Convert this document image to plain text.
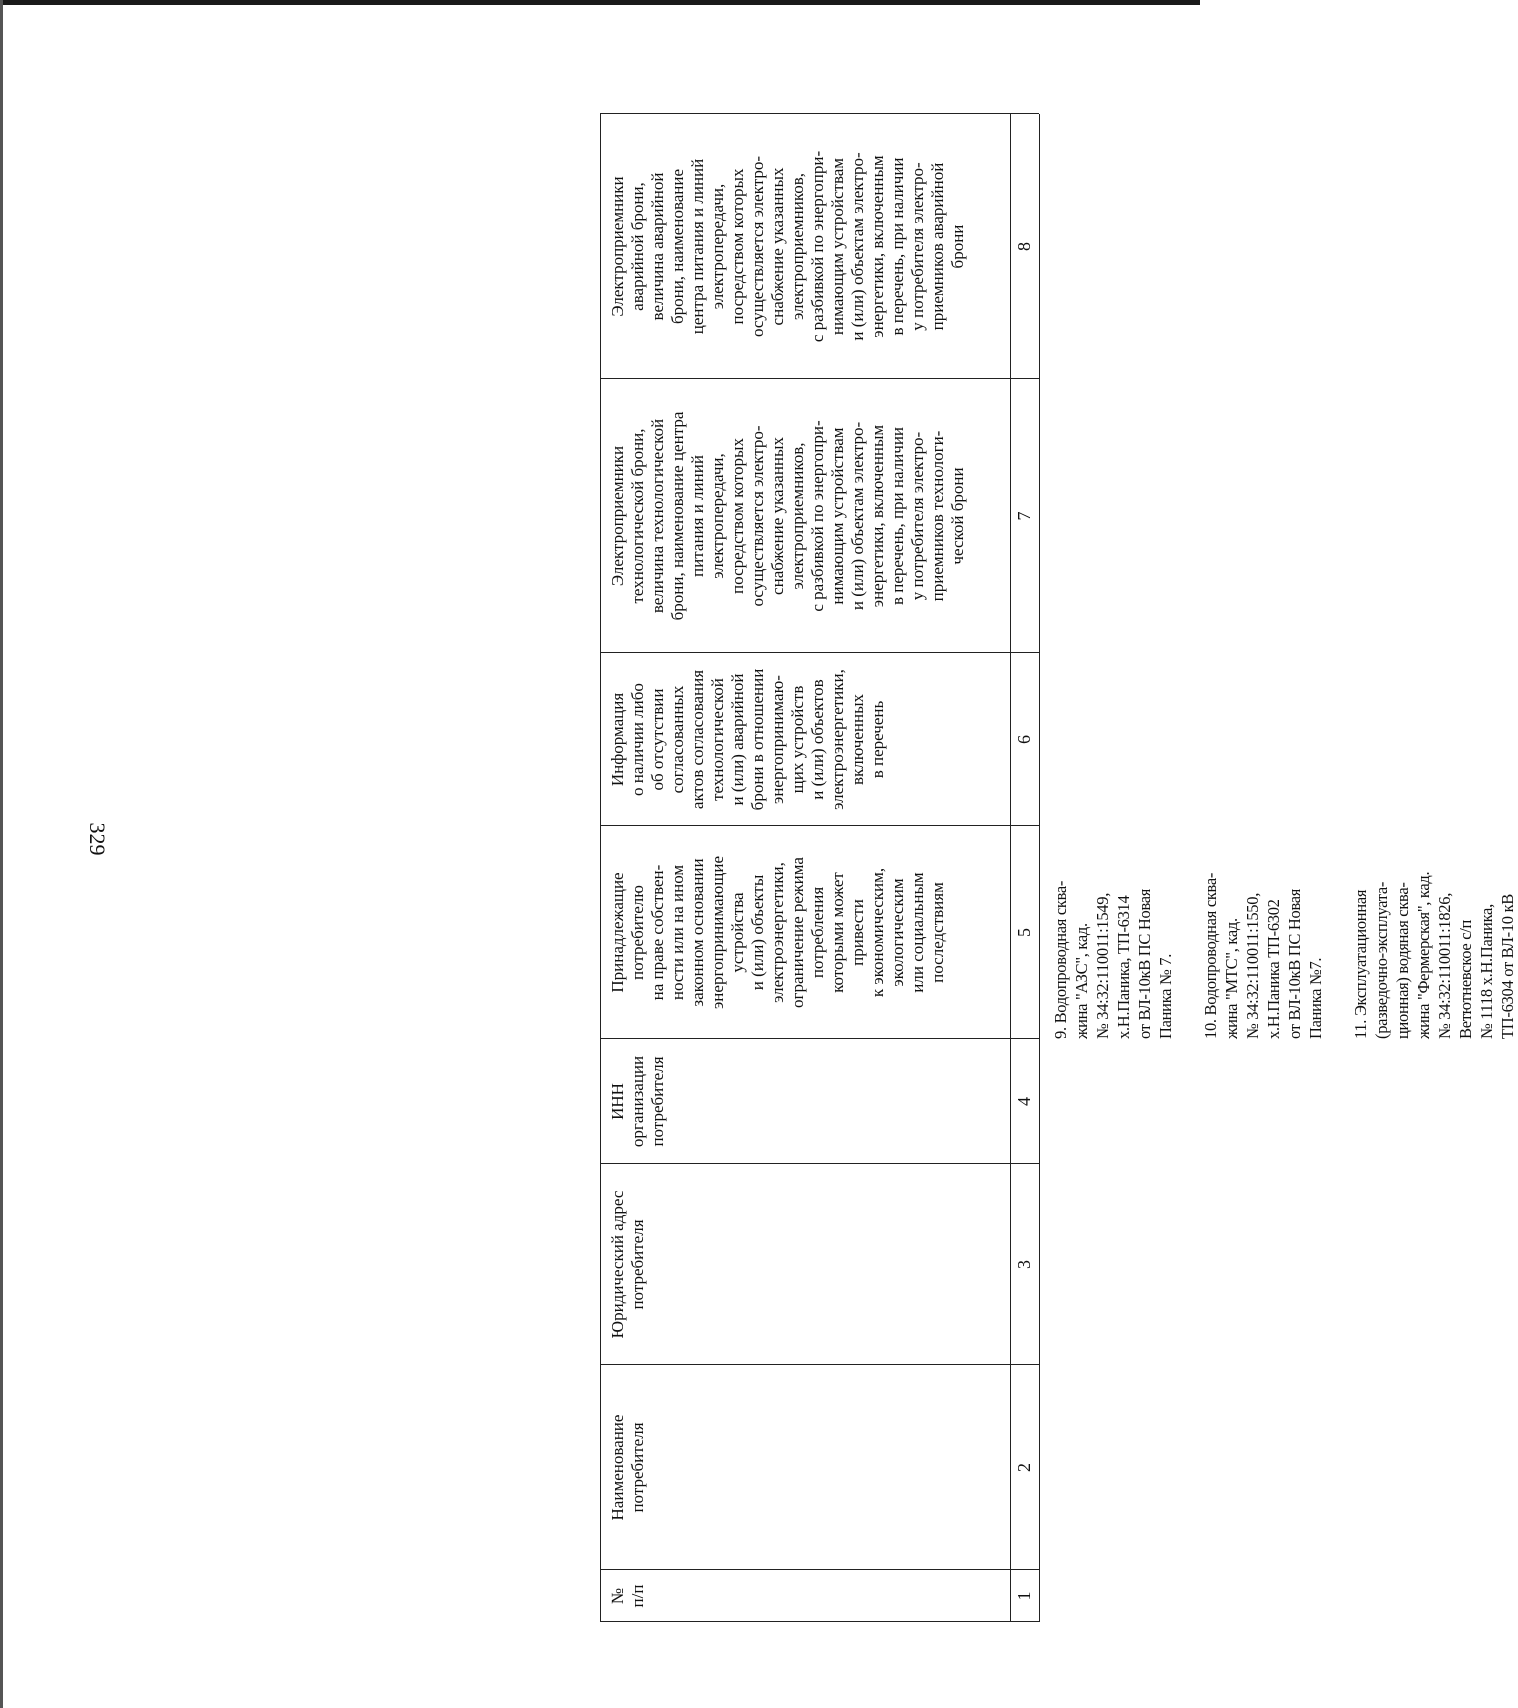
329
№
п/п
Наименование
потребителя
Юридический адрес
потребителя
ИНН
организации
потребителя
Принадлежащие
потребителю
на праве собствен-
ности или на ином
законном основании
энергопринимающие
устройства
и (или) объекты
электроэнергетики,
ограничение режима
потребления
которыми может
привести
к экономическим,
экологическим
или социальным
последствиям
Информация
о наличии либо
об отсутствии
согласованных
актов согласования
технологической
и (или) аварийной
брони в отношении
энергопринимаю-
щих устройств
и (или) объектов
электроэнергетики,
включенных
в перечень
Электроприемники
технологической брони,
величина технологической
брони, наименование центра
питания и линий
электропередачи,
посредством которых
осуществляется электро-
снабжение указанных
электроприемников,
с разбивкой по энергопри-
нимающим устройствам
и (или) объектам электро-
энергетики, включенным
в перечень, при наличии
у потребителя электро-
приемников технологи-
ческой брони
Электроприемники
аварийной брони,
величина аварийной
брони, наименование
центра питания и линий
электропередачи,
посредством которых
осуществляется электро-
снабжение указанных
электроприемников,
с разбивкой по энергопри-
нимающим устройствам
и (или) объектам электро-
энергетики, включенным
в перечень, при наличии
у потребителя электро-
приемников аварийной
брони
1
2
3
4
5
6
7
8
9. Водопроводная сква-
жина "АЗС", кад.
№ 34:32:110011:1549,
х.Н.Паника, ТП-6314
от ВЛ-10кВ ПС Новая
Паника № 7.
10. Водопроводная сква-
жина "МТС", кад.
№ 34:32:110011:1550,
х.Н.Паника ТП-6302
от ВЛ-10кВ ПС Новая
Паника №7.
11. Эксплуатационная
(разведочно-эксплуата-
ционная) водяная сква-
жина "Фермерская", кад.
№ 34:32:110011:1826,
Ветютневское с/п
№ 1118 х.Н.Паника,
ТП-6304 от ВЛ-10 кВ
